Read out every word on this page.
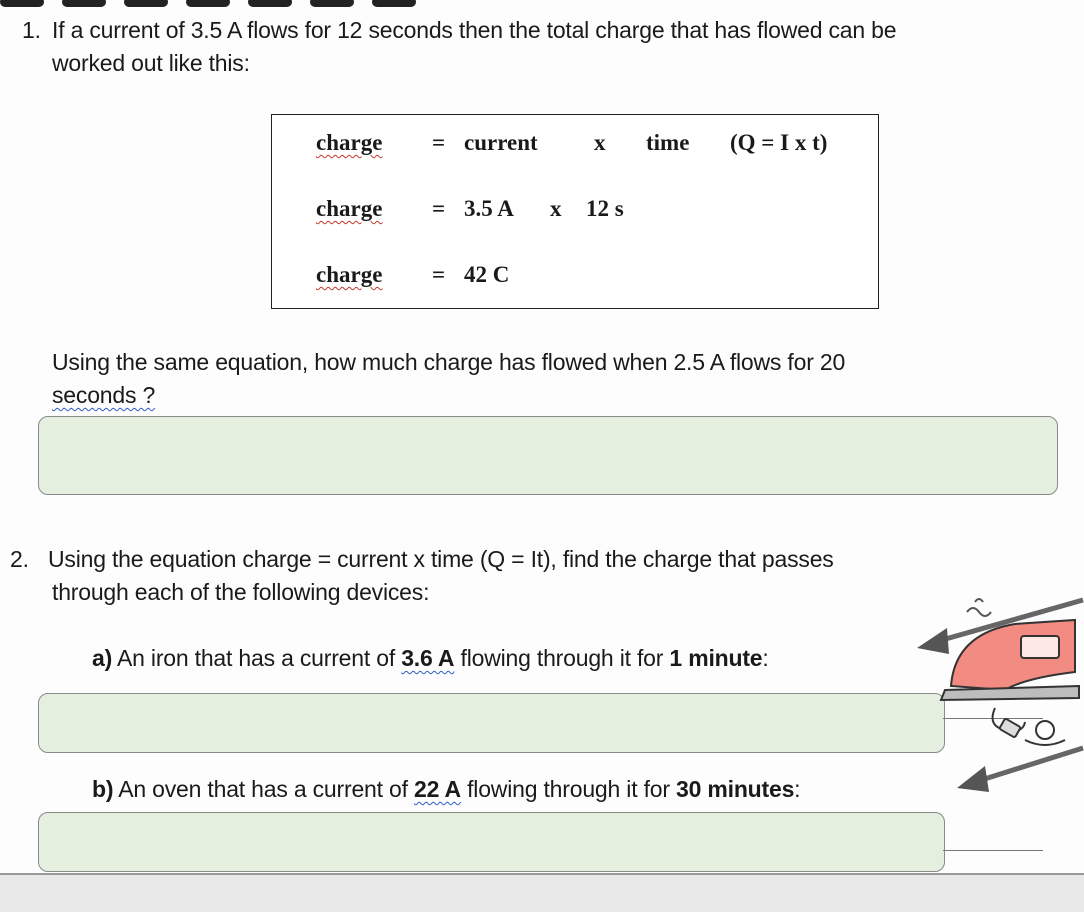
1. If a current of 3.5 A flows for 12 seconds then the total charge that has flowed can be
worked out like this:
charge = current x time (Q = I x t)
charge = 3.5 A x 12 s
charge = 42 C
Using the same equation, how much charge has flowed when 2.5 A flows for 20
seconds ?
2. Using the equation charge = current x time (Q = It), find the charge that passes
through each of the following devices:
a) An iron that has a current of 3.6 A flowing through it for 1 minute:
b) An oven that has a current of 22 A flowing through it for 30 minutes:
